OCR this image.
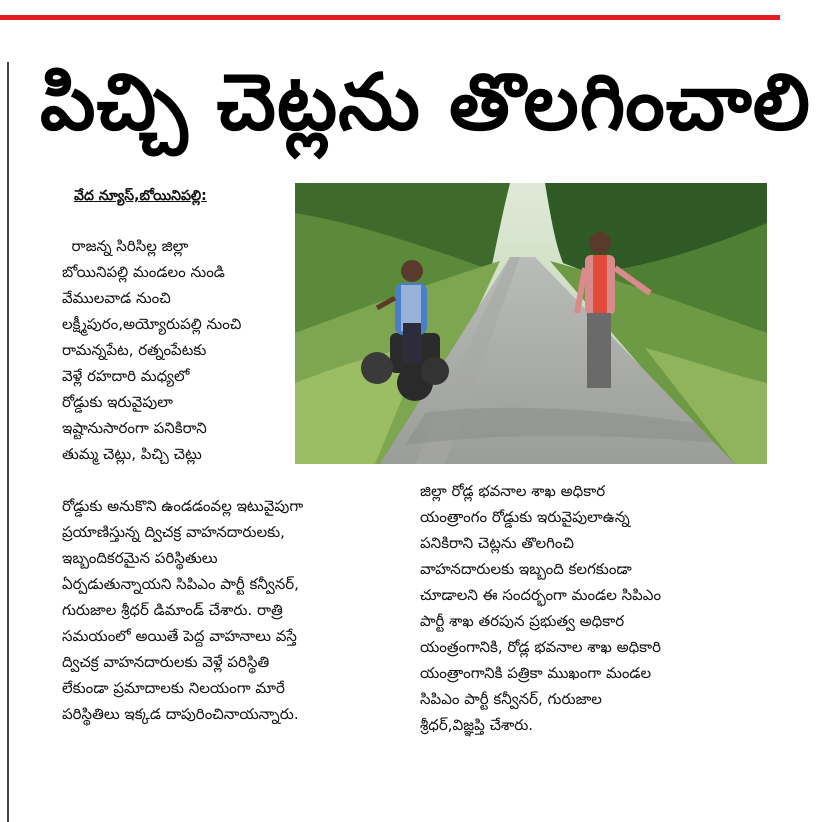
పిచ్చి చెట్లను తొలగించాలి
వేద న్యూస్,బోయినిపల్లి:
రాజన్న సిరిసిల్ల జిల్లా
బోయినిపల్లి మండలం నుండి
వేములవాడ నుంచి
లక్ష్మీపురం,అయ్యోరుపల్లి నుంచి
రామన్నపేట, రత్నంపేటకు
వెళ్లే రహదారి మధ్యలో
రోడ్డుకు ఇరువైపులా
ఇష్టానుసారంగా పనికిరాని
తుమ్మ చెట్లు, పిచ్చి చెట్లు
రోడ్డుకు అనుకొని ఉండడంవల్ల ఇటువైపుగా
ప్రయాణిస్తున్న ద్విచక్ర వాహనదారులకు,
ఇబ్బందికరమైన పరిస్థితులు
ఏర్పడుతున్నాయని సిపిఎం పార్టీ కన్వీనర్,
గురుజాల శ్రీధర్ డిమాండ్ చేశారు. రాత్రి
సమయంలో అయితే పెద్ద వాహనాలు వస్తే
ద్విచక్ర వాహనదారులకు వెళ్లే పరిస్థితి
లేకుండా ప్రమాదాలకు నిలయంగా మారే
పరిస్థితిలు ఇక్కడ దాపురించినాయన్నారు.
జిల్లా రోడ్ల భవనాల శాఖ అధికార
యంత్రాంగం రోడ్డుకు ఇరువైపులాఉన్న
పనికిరాని చెట్లను తొలగించి
వాహనదారులకు ఇబ్బంది కలగకుండా
చూడాలని ఈ సందర్భంగా మండల సిపిఎం
పార్టీ శాఖ తరపున ప్రభుత్వ అధికార
యంత్రంగానికి, రోడ్ల భవనాల శాఖ అధికారి
యంత్రాంగానికి పత్రికా ముఖంగా మండల
సిపిఎం పార్టీ కన్వీనర్, గురుజాల
శ్రీధర్,విజ్ఞప్తి చేశారు.
